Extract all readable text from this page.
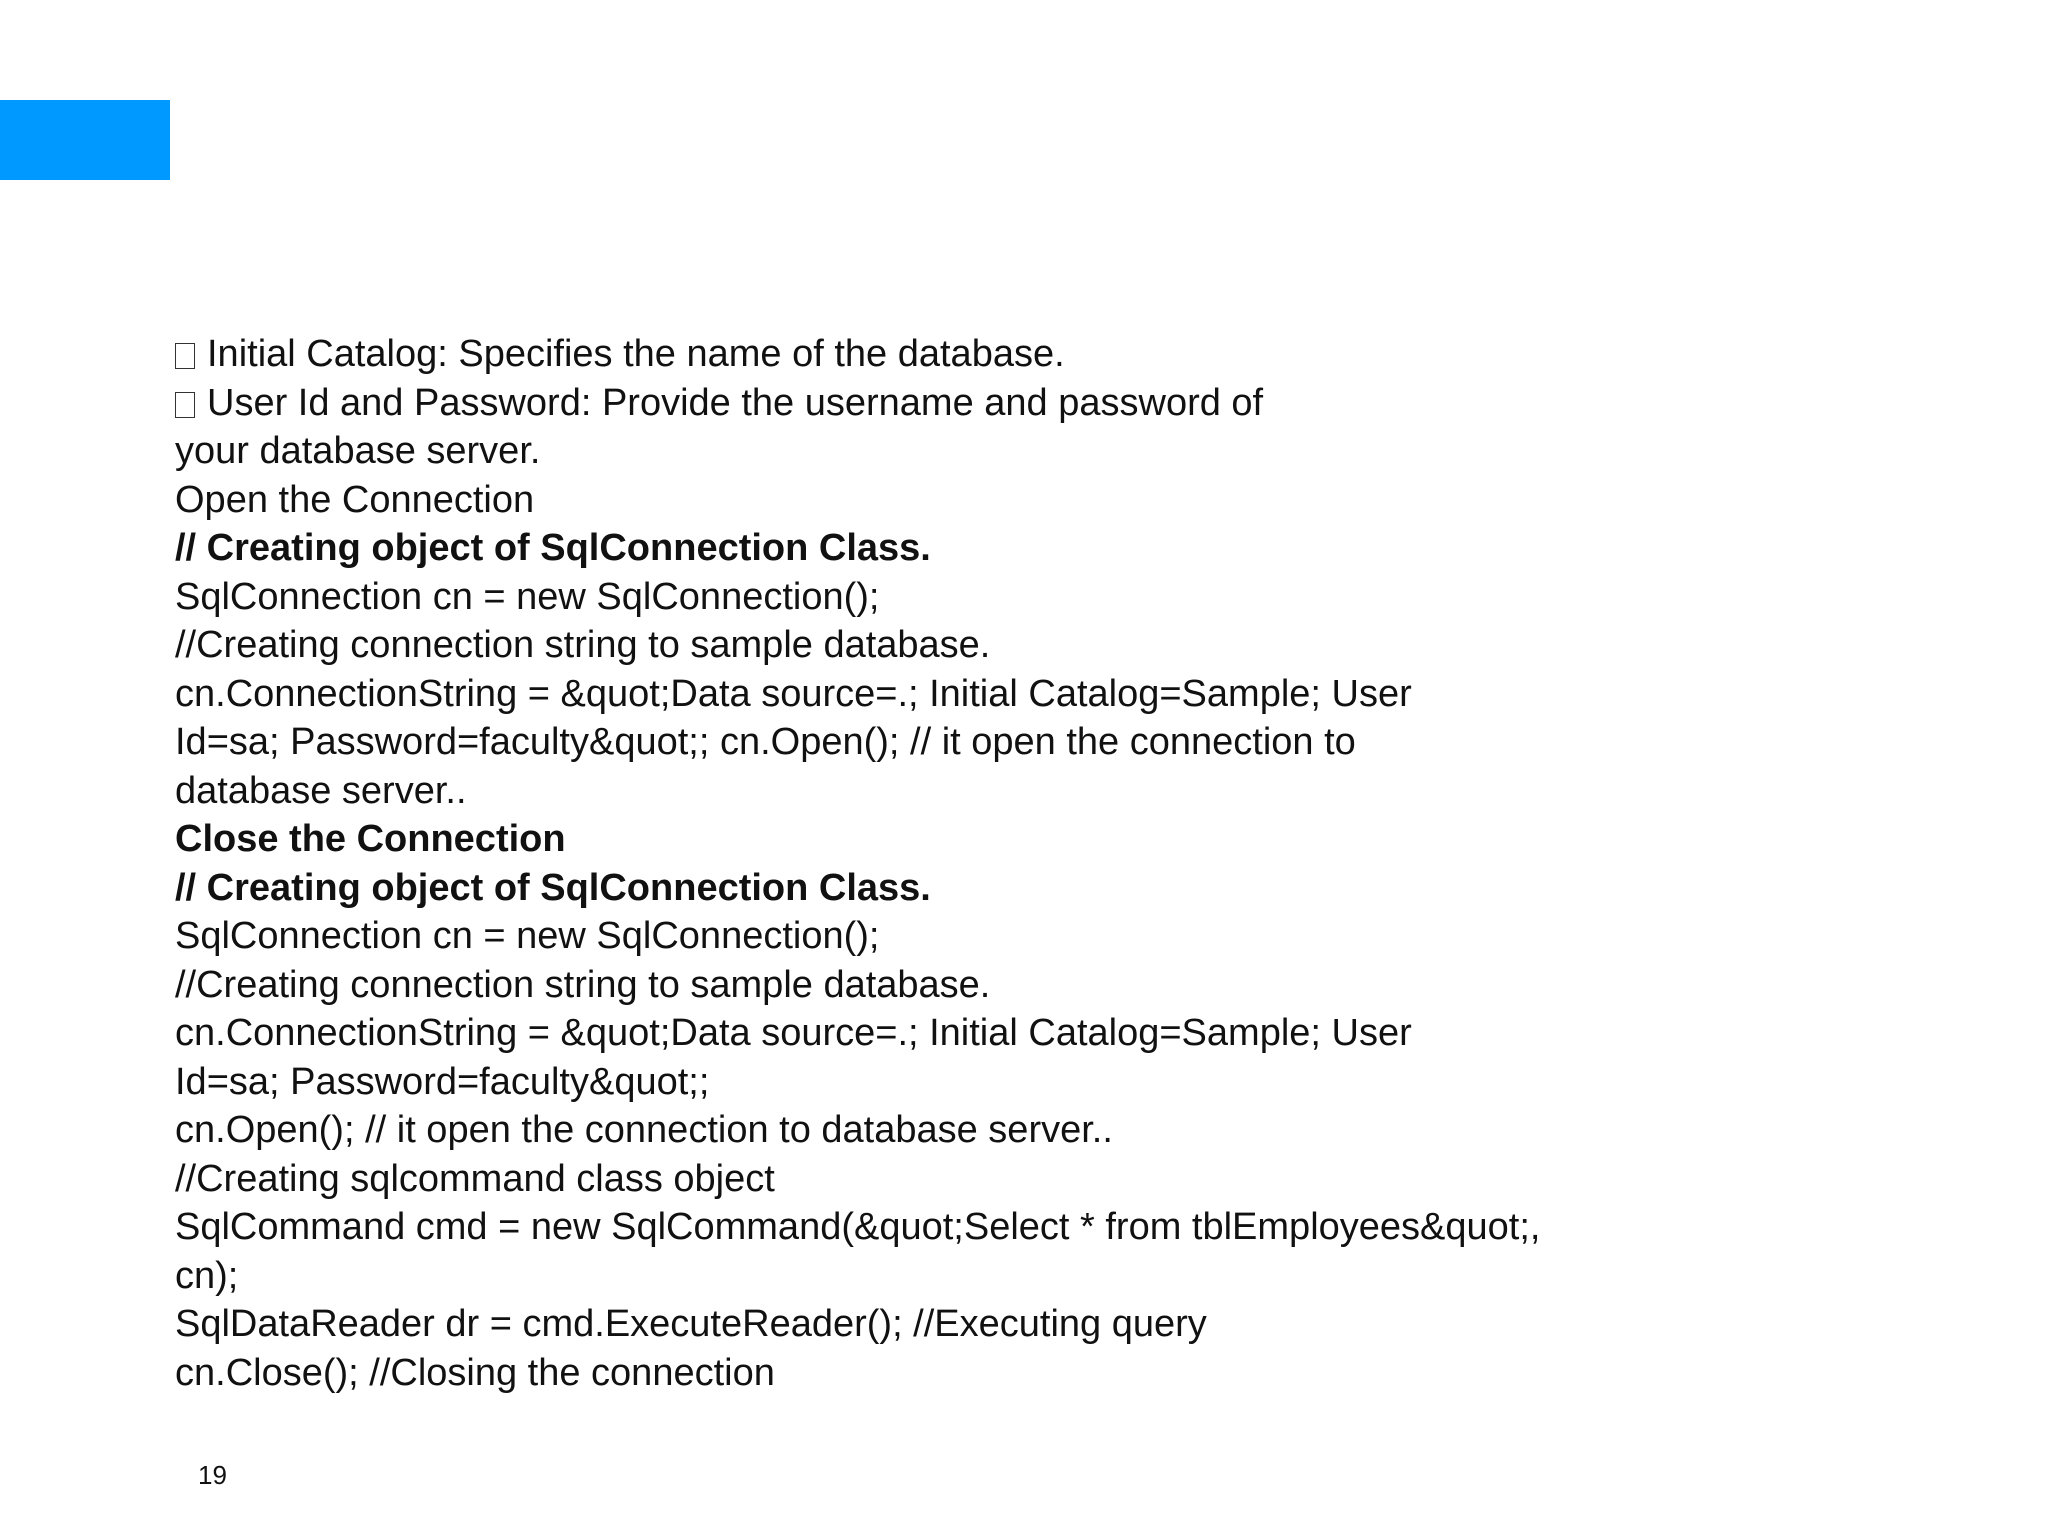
Initial Catalog: Specifies the name of the database.

User Id and Password: Provide the username and password of

your database server.

Open the Connection

// Creating object of SqlConnection Class.

SqlConnection cn = new SqlConnection();

//Creating connection string to sample database.

cn.ConnectionString = &quot;Data source=.; Initial Catalog=Sample; User

Id=sa; Password=faculty&quot;; cn.Open(); // it open the connection to

database server..

Close the Connection

// Creating object of SqlConnection Class.

SqlConnection cn = new SqlConnection();

//Creating connection string to sample database.

cn.ConnectionString = &quot;Data source=.; Initial Catalog=Sample; User

Id=sa; Password=faculty&quot;;

cn.Open(); // it open the connection to database server..

//Creating sqlcommand class object

SqlCommand cmd = new SqlCommand(&quot;Select * from tblEmployees&quot;,

cn);

SqlDataReader dr = cmd.ExecuteReader(); //Executing query

cn.Close(); //Closing the connection

19
